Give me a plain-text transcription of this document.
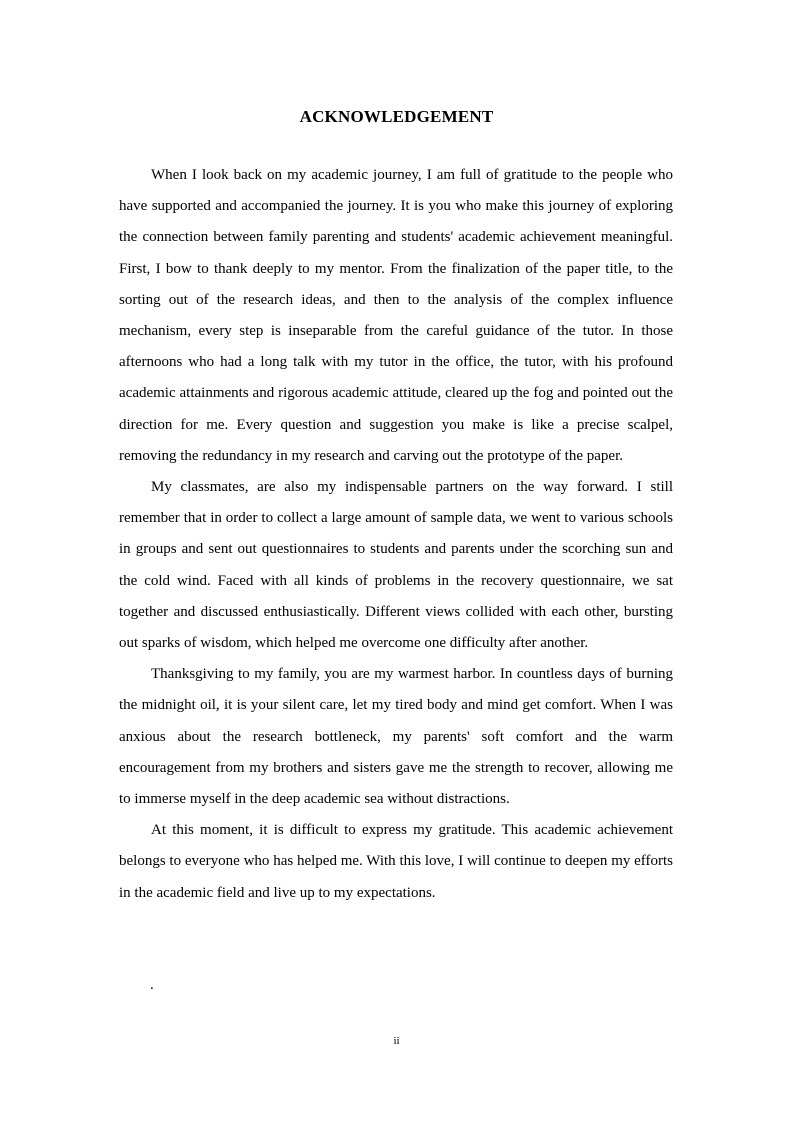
ACKNOWLEDGEMENT

When I look back on my academic journey, I am full of gratitude to the people who have supported and accompanied the journey. It is you who make this journey of exploring the connection between family parenting and students' academic achievement meaningful. First, I bow to thank deeply to my mentor. From the finalization of the paper title, to the sorting out of the research ideas, and then to the analysis of the complex influence mechanism, every step is inseparable from the careful guidance of the tutor. In those afternoons who had a long talk with my tutor in the office, the tutor, with his profound academic attainments and rigorous academic attitude, cleared up the fog and pointed out the direction for me. Every question and suggestion you make is like a precise scalpel, removing the redundancy in my research and carving out the prototype of the paper.

My classmates, are also my indispensable partners on the way forward. I still remember that in order to collect a large amount of sample data, we went to various schools in groups and sent out questionnaires to students and parents under the scorching sun and the cold wind. Faced with all kinds of problems in the recovery questionnaire, we sat together and discussed enthusiastically. Different views collided with each other, bursting out sparks of wisdom, which helped me overcome one difficulty after another.

Thanksgiving to my family, you are my warmest harbor. In countless days of burning the midnight oil, it is your silent care, let my tired body and mind get comfort. When I was anxious about the research bottleneck, my parents' soft comfort and the warm encouragement from my brothers and sisters gave me the strength to recover, allowing me to immerse myself in the deep academic sea without distractions.

At this moment, it is difficult to express my gratitude. This academic achievement belongs to everyone who has helped me. With this love, I will continue to deepen my efforts in the academic field and live up to my expectations.

.
ii
